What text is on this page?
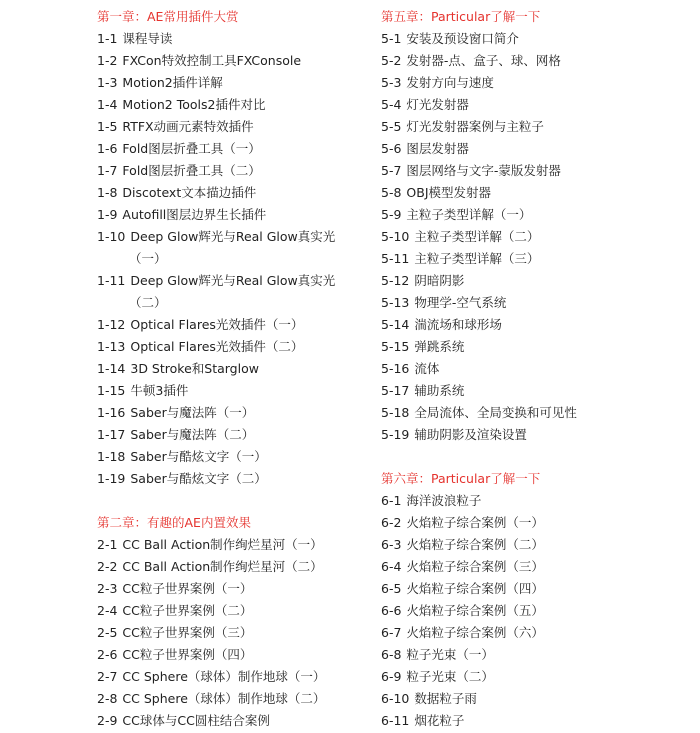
第一章：AE常用插件大赏
1-1 课程导读
1-2 FXCon特效控制工具FXConsole
1-3 Motion2插件详解
1-4 Motion2 Tools2插件对比
1-5 RTFX动画元素特效插件
1-6 Fold图层折叠工具（一）
1-7 Fold图层折叠工具（二）
1-8 Discotext文本描边插件
1-9 Autofill图层边界生长插件
1-10 Deep Glow辉光与Real Glow真实光
（一）
1-11 Deep Glow辉光与Real Glow真实光
（二）
1-12 Optical Flares光效插件（一）
1-13 Optical Flares光效插件（二）
1-14 3D Stroke和Starglow
1-15 牛顿3插件
1-16 Saber与魔法阵（一）
1-17 Saber与魔法阵（二）
1-18 Saber与酷炫文字（一）
1-19 Saber与酷炫文字（二）
第二章：有趣的AE内置效果
2-1 CC Ball Action制作绚烂星河（一）
2-2 CC Ball Action制作绚烂星河（二）
2-3 CC粒子世界案例（一）
2-4 CC粒子世界案例（二）
2-5 CC粒子世界案例（三）
2-6 CC粒子世界案例（四）
2-7 CC Sphere（球体）制作地球（一）
2-8 CC Sphere（球体）制作地球（二）
2-9 CC球体与CC圆柱结合案例
第五章：Particular了解一下
5-1 安装及预设窗口简介
5-2 发射器-点、盒子、球、网格
5-3 发射方向与速度
5-4 灯光发射器
5-5 灯光发射器案例与主粒子
5-6 图层发射器
5-7 图层网络与文字-蒙版发射器
5-8 OBJ模型发射器
5-9 主粒子类型详解（一）
5-10 主粒子类型详解（二）
5-11 主粒子类型详解（三）
5-12 阴暗阴影
5-13 物理学-空气系统
5-14 湍流场和球形场
5-15 弹跳系统
5-16 流体
5-17 辅助系统
5-18 全局流体、全局变换和可见性
5-19 辅助阴影及渲染设置
第六章：Particular了解一下
6-1 海洋波浪粒子
6-2 火焰粒子综合案例（一）
6-3 火焰粒子综合案例（二）
6-4 火焰粒子综合案例（三）
6-5 火焰粒子综合案例（四）
6-6 火焰粒子综合案例（五）
6-7 火焰粒子综合案例（六）
6-8 粒子光束（一）
6-9 粒子光束（二）
6-10 数据粒子雨
6-11 烟花粒子
